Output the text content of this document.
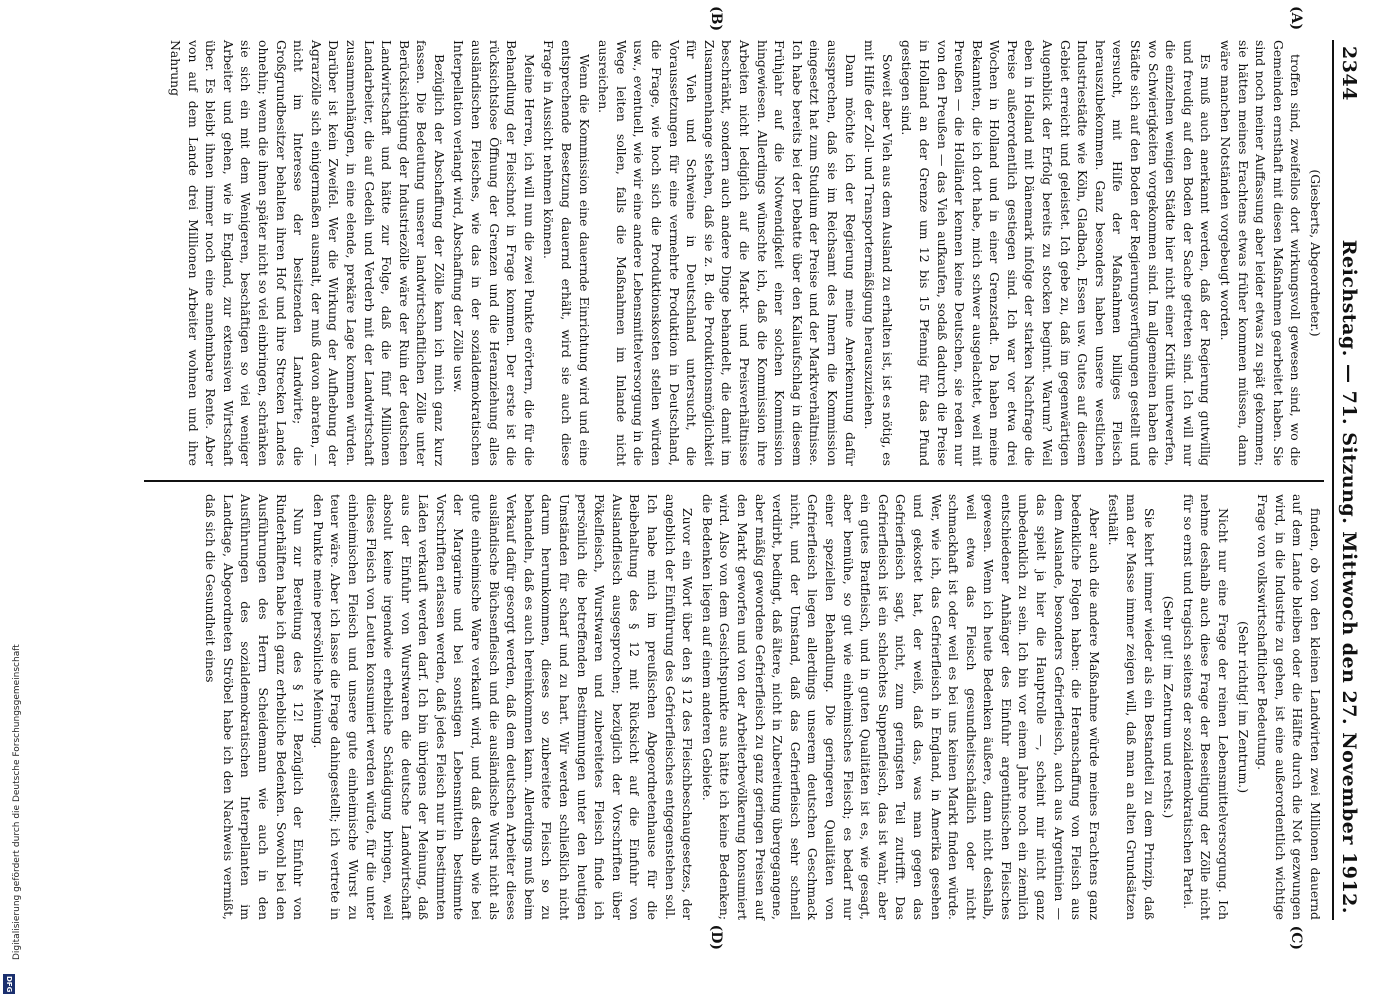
Digitalisierung gefördert durch die Deutsche Forschungsgemeinschaft
DFG
2344
Reichstag. — 71. Sitzung. Mittwoch den 27. November 1912.
(A)
(B)

(Giesberts, Abgeordneter.)

troffen sind, zweifellos dort wirkungsvoll gewesen sind, wo die Gemeinden ernsthaft mit diesen Maßnahmen gearbeitet haben. Sie sind noch meiner Auffassung aber leider etwas zu spät gekommen; sie hätten meines Erachtens etwas früher kommen müssen, dann wäre manchen Notständen vorgebeugt worden.

Es muß auch anerkannt werden, daß der Regierung gutwillig und freudig auf den Boden der Sache getreten sind. Ich will nur die einzelnen wenigen Städte hier nicht einer Kritik unterwerfen, wo Schwierigkeiten vorgekommen sind. Im allgemeinen haben die Städte sich auf den Boden der Regierungsverfügungen gestellt und versucht, mit Hilfe der Maßnahmen billiges Fleisch herauszubekommen. Ganz besonders haben unsere westlichen Industriestädte wie Köln, Gladbach, Essen usw. Gutes auf diesem Gebiet erreicht und geleistet. Ich gebe zu, daß im gegenwärtigen Augenblick der Erfolg bereits zu stocken beginnt. Warum? Weil eben in Holland mit Dänemark infolge der starken Nachfrage die Preise außerordentlich gestiegen sind. Ich war vor etwa drei Wochen in Holland und in einer Grenzstadt. Da haben meine Bekannten, die ich dort habe, mich schwer ausgelachtet, weil mit Preußen — die Holländer kennen keine Deutschen, sie reden nur von den Preußen — das Vieh aufkaufen, sodaß dadurch die Preise in Holland an der Grenze um 12 bis 15 Pfennig für das Pfund gestiegen sind.

Soweit aber Vieh aus dem Ausland zu erhalten ist, ist es nötig, es mit Hilfe der Zoll- und Transportermäßigung herauszuziehen.

Dann möchte ich der Regierung meine Anerkennung dafür aussprechen, daß sie im Reichsamt des Innern die Kommission eingesetzt hat zum Studium der Preise und der Marktverhältnisse. Ich habe bereits bei der Debatte über den Kaliaufschlag in diesem Frühjahr auf die Notwendigkeit einer solchen Kommission hingewiesen. Allerdings wünschte ich, daß die Kommission ihre Arbeiten nicht lediglich auf die Markt- und Preisverhältnisse beschränkt, sondern auch andere Dinge behandelt, die damit im Zusammenhange stehen, daß sie z. B. die Produktionsmöglichkeit für Vieh und Schweine in Deutschland untersucht, die Voraussetzungen für eine vermehrte Produktion in Deutschland, die Frage, wie hoch sich die Produktionskosten stellen würden usw., eventuell, wie wir eine andere Lebensmittelversorgung in die Wege leiten sollen, falls die Maßnahmen im Inlande nicht ausreichen.

Wenn die Kommission eine dauernde Einrichtung wird und eine entsprechende Besetzung dauernd erhält, wird sie auch diese Frage in Aussicht nehmen können.

Meine Herren, ich will nun die zwei Punkte erörtern, die für die Behandlung der Fleischnot in Frage kommen. Der erste ist die rücksichtslose Öffnung der Grenzen und die Heranziehung alles ausländischen Fleisches, wie das in der sozialdemokratischen Interpellation verlangt wird, Abschaffung der Zölle usw.

Bezüglich der Abschaffung der Zölle kann ich mich ganz kurz fassen. Die Bedeutung unserer landwirtschaftlichen Zölle unter Berücksichtigung der Industriezölle wäre der Ruin der deutschen Landwirtschaft und hätte zur Folge, daß die fünf Millionen Landarbeiter, die auf Gedeih und Verderb mit der Landwirtschaft zusammenhängen, in eine elende, prekäre Lage kommen würden. Darüber ist kein Zweifel. Wer die Wirkung der Aufhebung der Agrarzölle sich einigermaßen ausmalt, der muß davon abraten, — nicht im Interesse der besitzenden Landwirte; die Großgrundbesitzer behalten ihren Hof und ihre Strecken Landes ohnehin; wenn die ihnen später nicht so viel einbringen, schränken sie sich ein mit dem Wenigeren, beschäftigen so viel weniger Arbeiter und gehen, wie in England, zur extensiven Wirtschaft über. Es bleibt ihnen immer noch eine annehmbare Rente. Aber von auf dem Lande drei Millionen Arbeiter wohnen und ihre Nahrung

(C)
(D)

finden, ob von den kleinen Landwirten zwei Millionen dauernd auf dem Lande bleiben oder die Hälfte durch die Not gezwungen wird, in die Industrie zu gehen, ist eine außerordentlich wichtige Frage von volkswirtschaftlicher Bedeutung.

(Sehr richtig! im Zentrum.)

Nicht nur eine Frage der reinen Lebensmittelversorgung. Ich nehme deshalb auch diese Frage der Beseitigung der Zölle nicht für so ernst und tragisch seitens der sozialdemokratischen Partei.

(Sehr gut! im Zentrum und rechts.)

Sie kehrt immer wieder als ein Bestandteil zu dem Prinzip, daß man der Masse immer zeigen will, daß man an alten Grundsätzen festhält.

Aber auch die andere Maßnahme würde meines Erachtens ganz bedenkliche Folgen haben: die Heranschaffung von Fleisch aus dem Auslande, besonders Gefrierfleisch, auch aus Argentinien — das spielt ja hier die Hauptrolle —, scheint mir nicht ganz unbedenklich zu sein. Ich bin vor einem Jahre noch ein ziemlich entschiedener Anhänger des Einfuhr argentinischen Fleisches gewesen. Wenn ich heute Bedenken äußere, dann nicht deshalb, weil etwa das Fleisch gesundheitsschädlich oder nicht schmackhaft ist oder weil es bei uns keinen Markt finden würde. Wer, wie ich, das Gefrierfleisch in England, in Amerika gesehen und gekostet hat, der weiß, daß das, was man gegen das Gefrierfleisch sagt, nicht, zum geringsten Teil zutrifft. Das Gefrierfleisch ist ein schlechtes Suppenfleisch, das ist wahr, aber ein gutes Bratfleisch, und in guten Qualitäten ist es, wie gesagt, aber bemühe, so gut wie einheimisches Fleisch; es bedarf nur einer speziellen Behandlung. Die geringeren Qualitäten von Gefrierfleisch liegen allerdings unserem deutschen Geschmack nicht, und der Umstand, daß das Gefrierfleisch sehr schnell verdirbt, bedingt, daß ältere, nicht in Zubereitung übergegangene, aber mäßig gewordene Gefrierfleisch zu ganz geringen Preisen auf den Markt geworfen und von der Arbeiterbevölkerung konsumiert wird. Also von dem Gesichtspunkte aus hätte ich keine Bedenken; die Bedenken liegen auf einem anderen Gebiete.

Zuvor ein Wort über den § 12 des Fleischbeschaugesetzes, der angeblich der Einführung des Gefrierfleisches entgegenstehen soll. Ich habe mich im preußischen Abgeordnetenhause für die Beibehaltung des § 12 mit Rücksicht auf die Einfuhr von Auslandfleisch ausgesprochen; bezüglich der Vorschriften über Pökelfleisch, Wurstwaren und zubereitetes Fleisch finde ich persönlich die betreffenden Bestimmungen unter den heutigen Umständen für scharf und zu hart. Wir werden schließlich nicht darum herumkommen, dieses so zubereitete Fleisch so zu behandeln, daß es auch hereinkommen kann. Allerdings muß beim Verkauf dafür gesorgt werden, daß dem deutschen Arbeiter dieses ausländische Büchsenfleisch und die ausländische Wurst nicht als gute einheimische Ware verkauft wird, und daß deshalb wie bei der Margarine und bei sonstigen Lebensmitteln bestimmte Vorschriften erlassen werden, daß jedes Fleisch nur in bestimmten Läden verkauft werden darf. Ich bin übrigens der Meinung, daß aus der Einfuhr von Wurstwaren die deutsche Landwirtschaft absolut keine irgendwie erhebliche Schädigung bringen, weil dieses Fleisch von Leuten konsumiert werden würde, für die unter einheimischen Fleisch und unsere gute einheimische Wurst zu teuer wäre. Aber ich lasse die Frage dahingestellt; ich vertrete in den Punkte meine persönliche Meinung.

Nun zur Bereitung des § 12! Bezüglich der Einfuhr von Rinderhälften habe ich ganz erhebliche Bedenken. Sowohl bei den Ausführungen des Herrn Scheidemann wie auch in den Ausführungen des sozialdemokratischen Interpellanten im Landtage, Abgeordneten Ströbel habe ich den Nachweis vermißt, daß sich die Gesundheit eines
